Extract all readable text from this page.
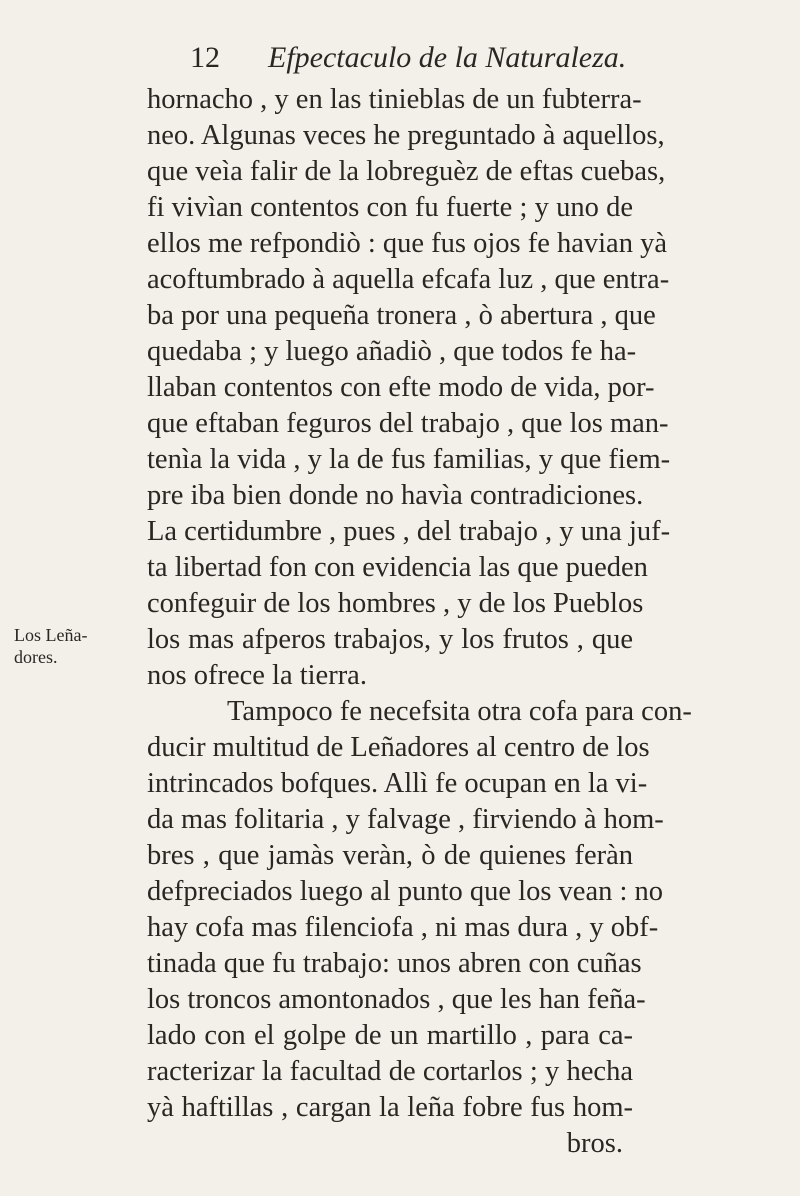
12 Efpectaculo de la Naturaleza.
Los Leña-
dores.
hornacho , y en las tinieblas de un fubterra-
neo. Algunas veces he preguntado à aquellos,
que veìa falir de la lobreguèz de eftas cuebas,
fi vivìan contentos con fu fuerte ; y uno de
ellos me refpondiò : que fus ojos fe havian yà
acoftumbrado à aquella efcafa luz , que entra-
ba por una pequeña tronera , ò abertura , que
quedaba ; y luego añadiò , que todos fe ha-
llaban contentos con efte modo de vida, por-
que eftaban feguros del trabajo , que los man-
tenìa la vida , y la de fus familias, y que fiem-
pre iba bien donde no havìa contradiciones.
La certidumbre , pues , del trabajo , y una juf-
ta libertad fon con evidencia las que pueden
confeguir de los hombres , y de los Pueblos
los mas afperos trabajos, y los frutos , que
nos ofrece la tierra.
Tampoco fe necefsita otra cofa para con-
ducir multitud de Leñadores al centro de los
intrincados bofques. Allì fe ocupan en la vi-
da mas folitaria , y falvage , firviendo à hom-
bres , que jamàs veràn, ò de quienes feràn
defpreciados luego al punto que los vean : no
hay cofa mas filenciofa , ni mas dura , y obf-
tinada que fu trabajo: unos abren con cuñas
los troncos amontonados , que les han feña-
lado con el golpe de un martillo , para ca-
racterizar la facultad de cortarlos ; y hecha
yà haftillas , cargan la leña fobre fus hom-
bros.
